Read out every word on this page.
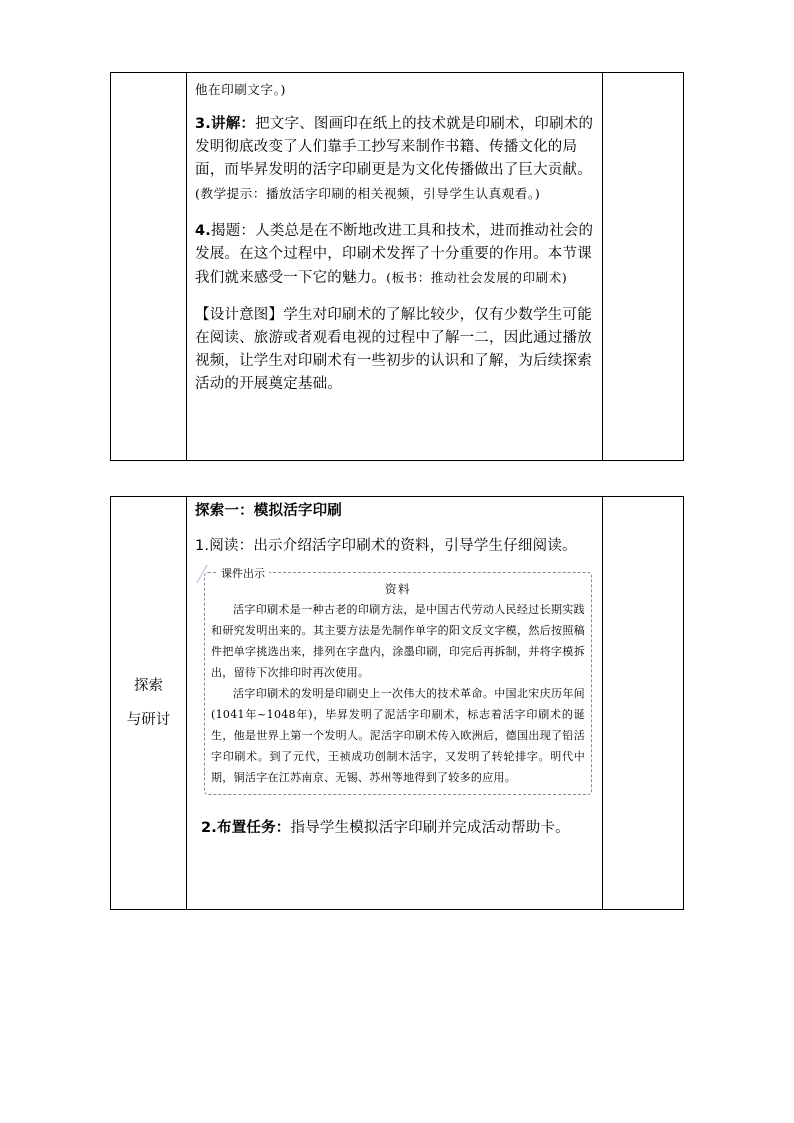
他在印刷文字。)

3.讲解：把文字、图画印在纸上的技术就是印刷术，印刷术的发明彻底改变了人们靠手工抄写来制作书籍、传播文化的局面，而毕昇发明的活字印刷更是为文化传播做出了巨大贡献。(教学提示：播放活字印刷的相关视频，引导学生认真观看。)

4.揭题：人类总是在不断地改进工具和技术，进而推动社会的发展。在这个过程中，印刷术发挥了十分重要的作用。本节课我们就来感受一下它的魅力。(板书：推动社会发展的印刷术)

【设计意图】学生对印刷术的了解比较少，仅有少数学生可能在阅读、旅游或者观看电视的过程中了解一二，因此通过播放视频，让学生对印刷术有一些初步的认识和了解，为后续探索活动的开展奠定基础。

探索
与研讨

探索一：模拟活字印刷

1.阅读：出示介绍活字印刷术的资料，引导学生仔细阅读。

课件出示
资料

活字印刷术是一种古老的印刷方法，是中国古代劳动人民经过长期实践和研究发明出来的。其主要方法是先制作单字的阳文反文字模，然后按照稿件把单字挑选出来，排列在字盘内，涂墨印刷，印完后再拆制，并将字模拆出，留待下次排印时再次使用。

活字印刷术的发明是印刷史上一次伟大的技术革命。中国北宋庆历年间(1041年~1048年)，毕昇发明了泥活字印刷术，标志着活字印刷术的诞生，他是世界上第一个发明人。泥活字印刷术传入欧洲后，德国出现了铅活字印刷术。到了元代，王祯成功创制木活字，又发明了转轮排字。明代中期，铜活字在江苏南京、无锡、苏州等地得到了较多的应用。

2.布置任务：指导学生模拟活字印刷并完成活动帮助卡。
